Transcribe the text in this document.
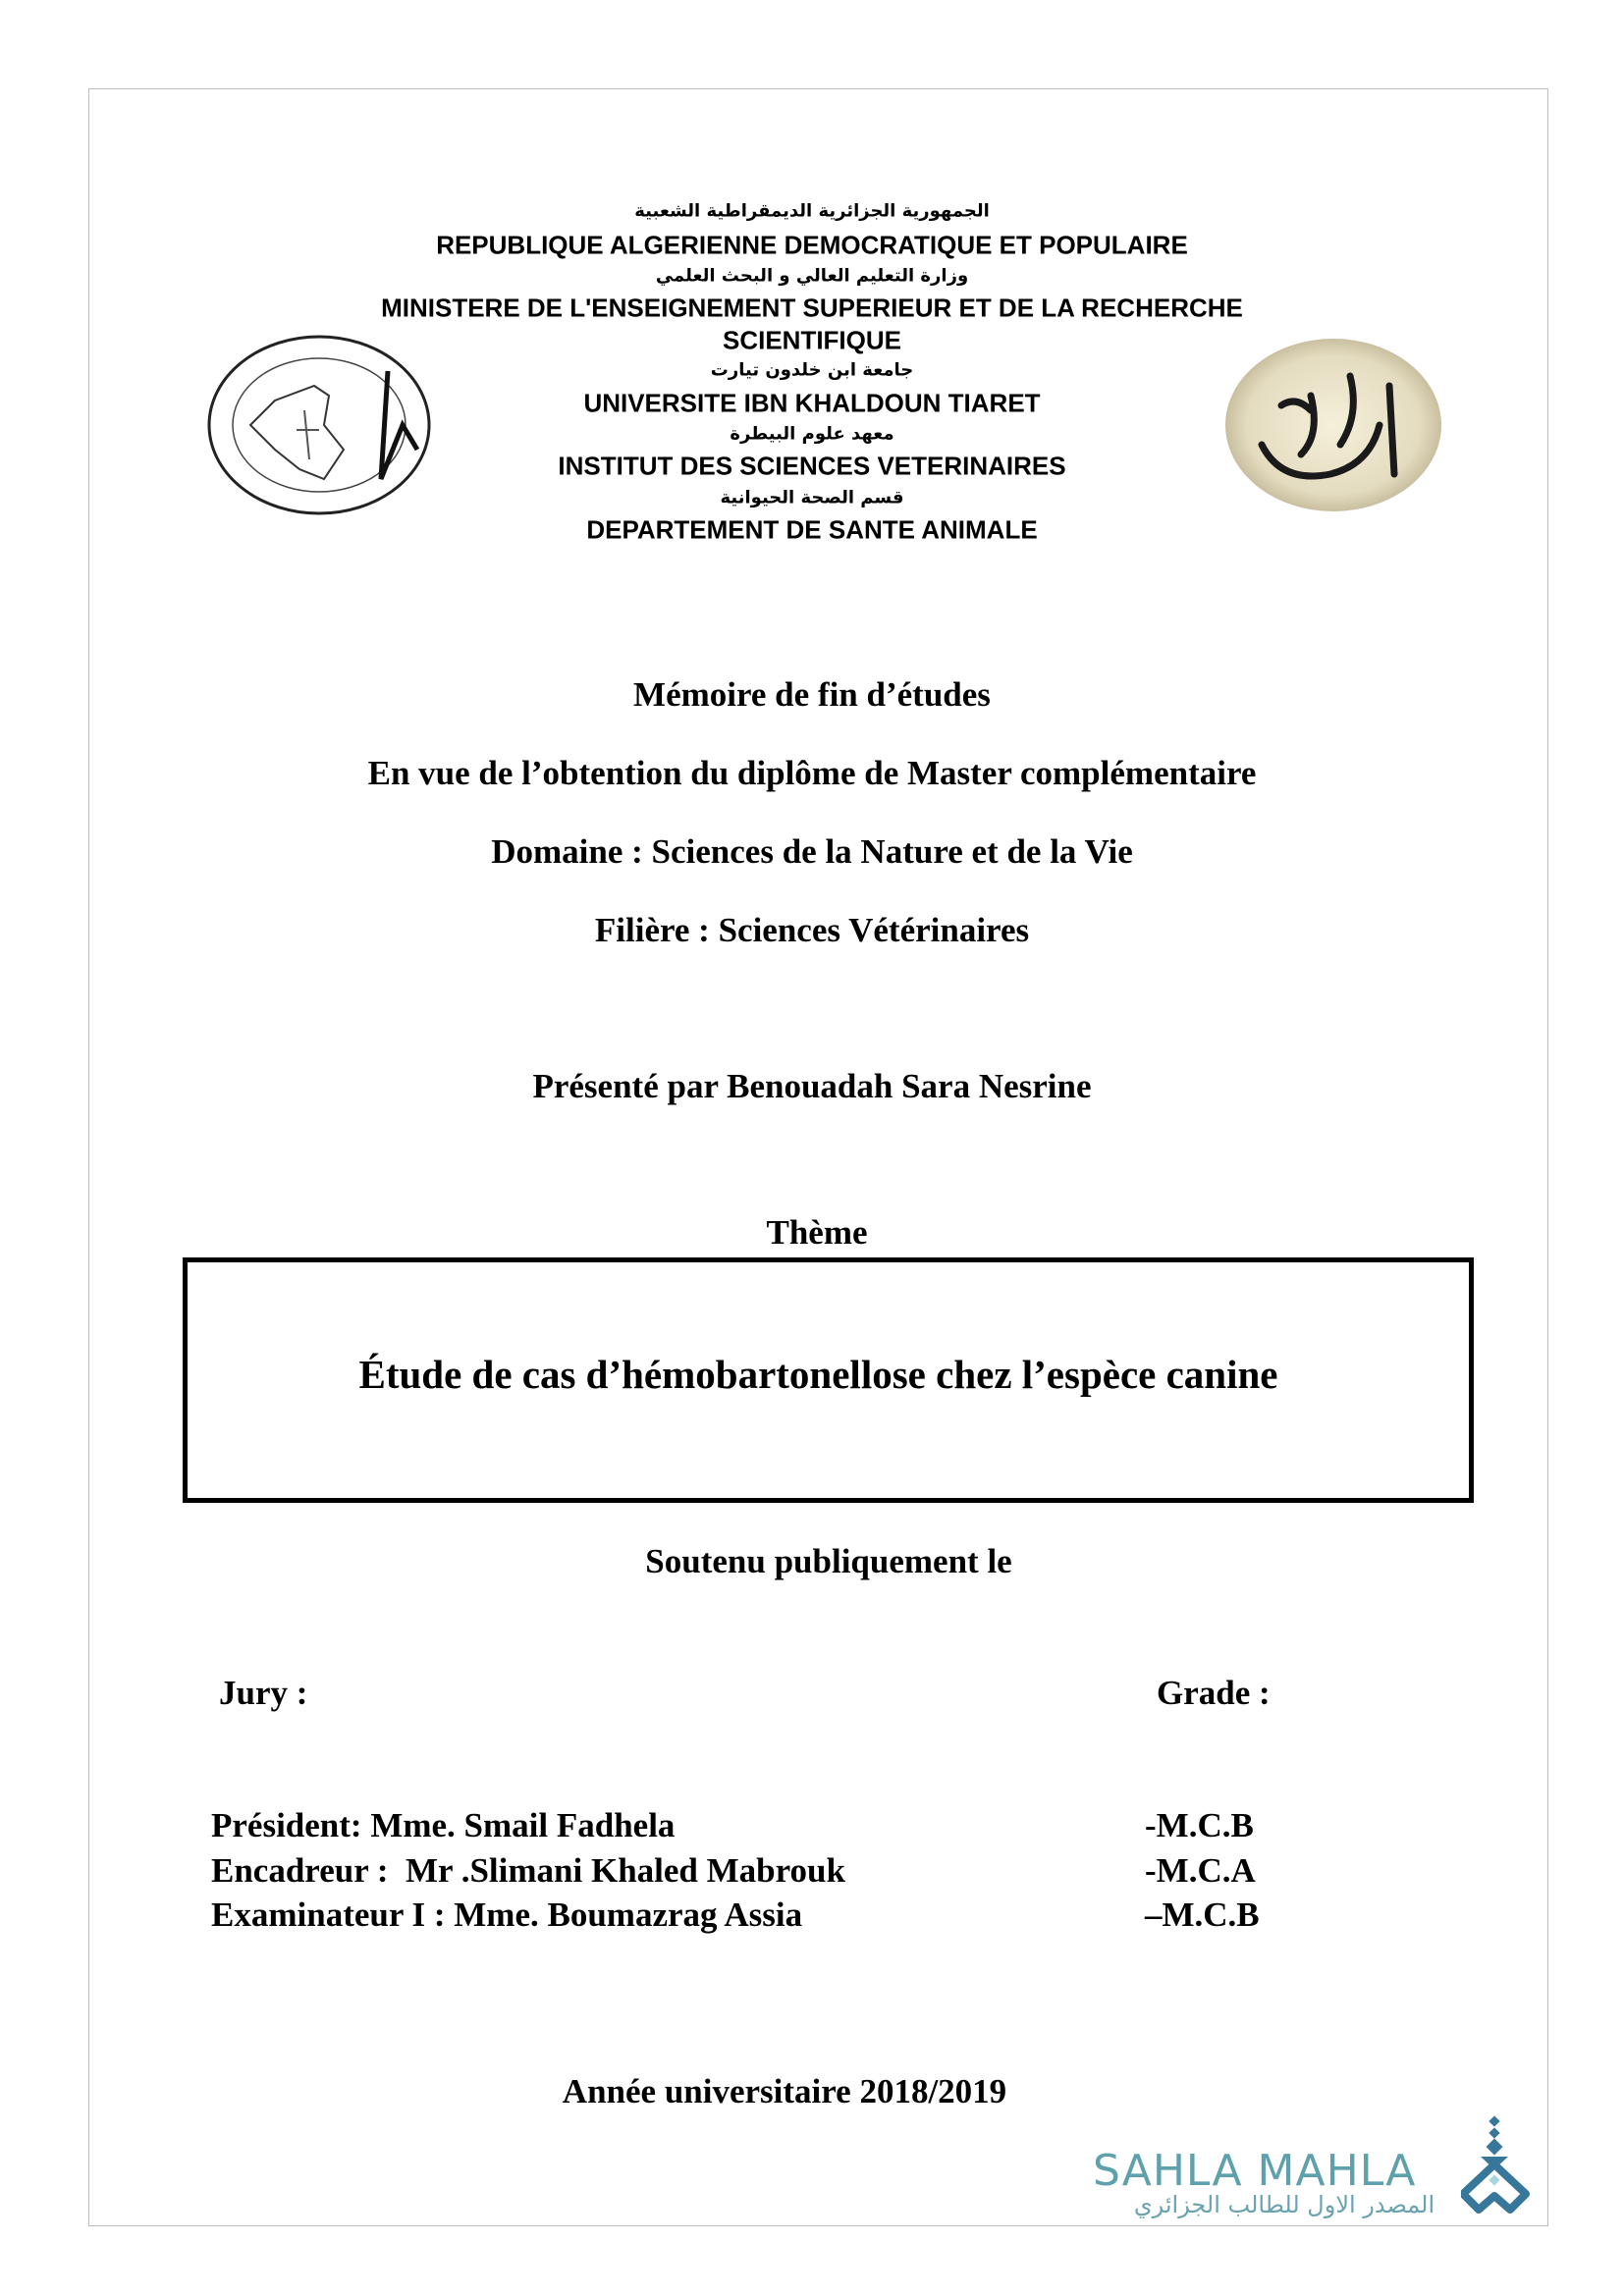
الجمهورية الجزائرية الديمقراطية الشعبية
REPUBLIQUE ALGERIENNE DEMOCRATIQUE ET POPULAIRE
وزارة التعليم العالي و البحث العلمي
MINISTERE DE L'ENSEIGNEMENT SUPERIEUR ET DE LA RECHERCHE
SCIENTIFIQUE
جامعة ابن خلدون تيارت
UNIVERSITE IBN KHALDOUN TIARET
معهد علوم البيطرة
INSTITUT DES SCIENCES VETERINAIRES
قسم الصحة الحيوانية
DEPARTEMENT DE SANTE ANIMALE
Mémoire de fin d’études
En vue de l’obtention du diplôme de Master complémentaire
Domaine : Sciences de la Nature et de la Vie
Filière : Sciences Vétérinaires
Présenté par Benouadah Sara Nesrine
Thème
Étude de cas d’hémobartonellose chez l’espèce canine
Soutenu publiquement le
Jury :	Grade :
Président: Mme. Smail Fadhela	-M.C.B
Encadreur :  Mr .Slimani Khaled Mabrouk	-M.C.A
Examinateur I : Mme. Boumazrag Assia	–M.C.B
Année universitaire 2018/2019
SAHLA MAHLA
المصدر الاول للطالب الجزائري
